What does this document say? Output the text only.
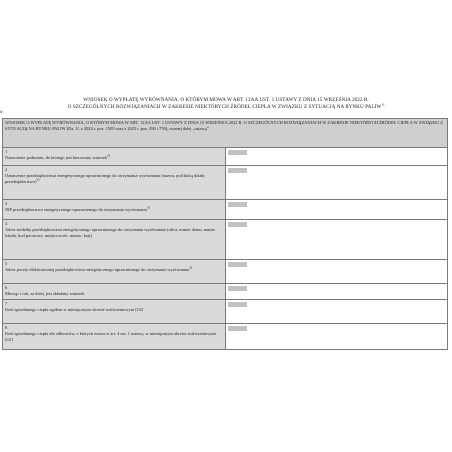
WNIOSEK O WYPŁATĘ WYRÓWNANIA, O KTÓRYM MOWA W ART. 12AA UST. 1 USTAWY Z DNIA 15 WRZEŚNIA 2022 R.
O SZCZEGÓLNYCH ROZWIĄZANIACH W ZAKRESIE NIEKTÓRYCH ŹRÓDEŁ CIEPŁA W ZWIĄZKU Z SYTUACJĄ NA RYNKU PALIW$^{1)}$
o
WNIOSEK O WYPŁATĘ WYRÓWNANIA, O KTÓRYM MOWA W ART. 12AA UST. 1 USTAWY Z DNIA 15 WRZEŚNIA 2022 R. O SZCZEGÓLNYCH ROZWIĄZANIACH W ZAKRESIE NIEKTÓRYCH ŹRÓDEŁ CIEPŁA W ZWIĄZKU Z SYTUACJĄ NA RYNKU PALIW (Dz. U. z 2024 r. poz. 1509 oraz z 2025 r. poz. 290 i 759), zwanej dalej „ustawą”	

1
Oznaczenie podmiotu, do którego jest kierowany wniosek$^{2)}$	

2
Oznaczenie przedsiębiorstwa energetycznego uprawnionego do otrzymania wyrównania (nazwa, pod którą działa przedsiębiorstwo)$^{3)}$	

3
NIP przedsiębiorstwa energetycznego uprawnionego do otrzymania wyrównania$^{3)}$	

4
Adres siedziby przedsiębiorstwa energetycznego uprawnionego do otrzymania wyrównania (ulica, numer domu, numer lokalu, kod pocztowy, miejscowość, miasto, kraj)	

5
Adres poczty elektronicznej przedsiębiorstwa energetycznego uprawnionego do otrzymania wyrównania$^{3)}$	

6
Miesiąc i rok, za który jest składany wniosek	

7
Ilość sprzedanego ciepła ogółem w miesięcznym okresie rozliczeniowym [GJ]	

8
Ilość sprzedanego ciepła dla odbiorców, o których mowa w art. 4 ust. 1 ustawy, w miesięcznym okresie rozliczeniowym [GJ]	
